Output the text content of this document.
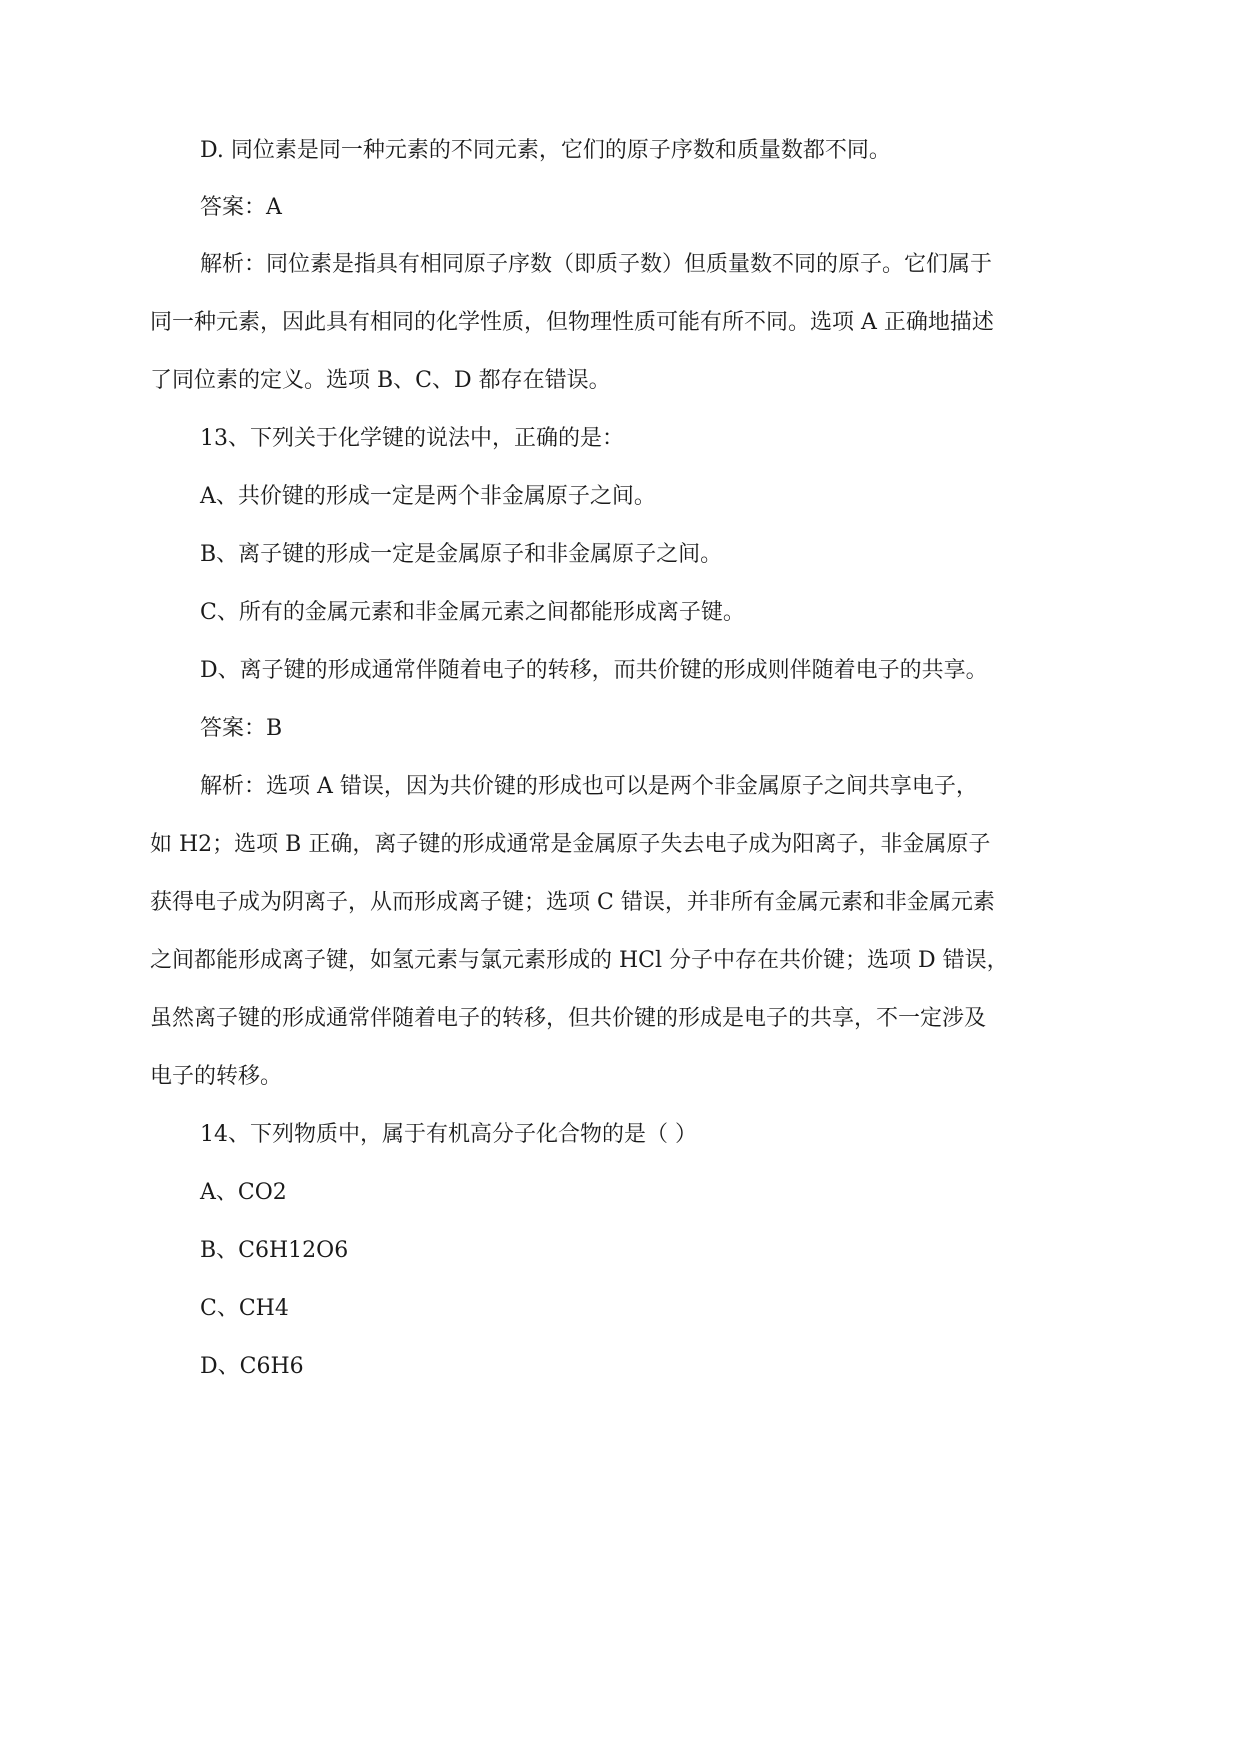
D. 同位素是同一种元素的不同元素，它们的原子序数和质量数都不同。

答案：A

解析：同位素是指具有相同原子序数（即质子数）但质量数不同的原子。它们属于

同一种元素，因此具有相同的化学性质，但物理性质可能有所不同。选项 A 正确地描述

了同位素的定义。选项 B、C、D 都存在错误。

13、下列关于化学键的说法中，正确的是：

A、共价键的形成一定是两个非金属原子之间。

B、离子键的形成一定是金属原子和非金属原子之间。

C、所有的金属元素和非金属元素之间都能形成离子键。

D、离子键的形成通常伴随着电子的转移，而共价键的形成则伴随着电子的共享。

答案：B

解析：选项 A 错误，因为共价键的形成也可以是两个非金属原子之间共享电子，

如 H2；选项 B 正确，离子键的形成通常是金属原子失去电子成为阳离子，非金属原子

获得电子成为阴离子，从而形成离子键；选项 C 错误，并非所有金属元素和非金属元素

之间都能形成离子键，如氢元素与氯元素形成的 HCl 分子中存在共价键；选项 D 错误，

虽然离子键的形成通常伴随着电子的转移，但共价键的形成是电子的共享，不一定涉及

电子的转移。

14、下列物质中，属于有机高分子化合物的是（ ）

A、CO2

B、C6H12O6

C、CH4

D、C6H6
